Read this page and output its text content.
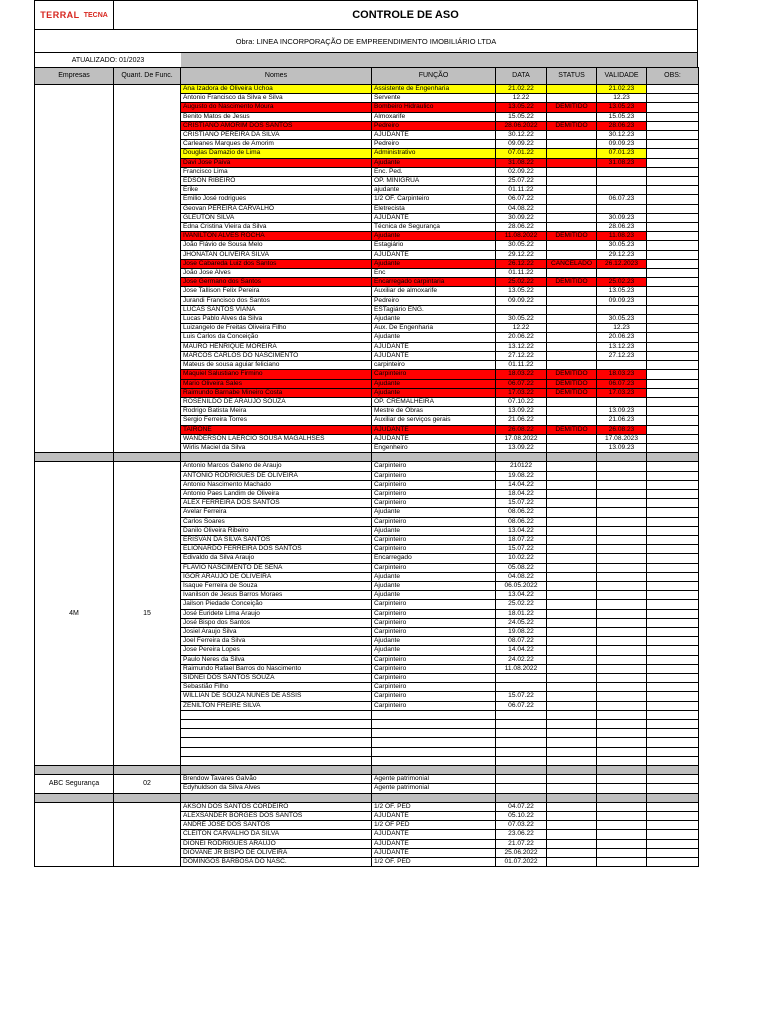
TERRAL TECNA	CONTROLE DE ASO
Obra: LINEA INCORPORAÇÃO DE EMPREENDIMENTO IMOBILIÁRIO LTDA
ATUALIZADO: 01/2023
Empresas	Quant. De Func.	Nomes	FUNÇÃO	DATA	STATUS	VALIDADE	OBS:
		Ana Izadora de Oliveira Uchoa	Assistente de Engenharia	21.02.22		21.02.23	
		Antonio Francisco da Silva e Silva	Servente	12.22		12.23	
		Augusto do Nascimento Moura	Bombeiro Hidraulico	13.05.22	DEMITIDO	13.05.23	
		Benito Matos de Jesus	Almoxarife	15.05.22		15.05.23	
		CRISTIANO AMORIM DOS SANTOS	Pedreiro	28.06.2022	DEMITIDO	28.06.23	
		CRISTIANO PEREIRA DA SILVA	AJUDANTE	30.12.22		30.12.23	
		Carleanes Marques de Amorim	Pedreiro	09.09.22		09.09.23	
		Douglas Damazio de Lima	Administrativo	07.01.22		07.01.23	
		Davi Jose Paiva	Ajudante	31.08.22		31.08.23	
		Francisco Lima	Enc. Ped.	02.09.22			
		EDSON RIBEIRO	OP. MINIGRUA	25.07.22			
		Erike	ajudante	01.11.22			
		Emilio José rodrigues	1/2 OF. Carpinteiro	06.07.22		06.07.23	
		Geovan PEREIRA CARVALHO	Eletrecista	04.08.22			
		GLEUTON SILVA	AJUDANTE	30.09.22		30.09.23	
		Edna Cristina Vieira da Silva	Técnica de Segurança	28.06.22		28.06.23	
		IVANILTON ALVES ROCHA	Ajudante	11.08.2022	DEMITIDO	11.08.23	
		João Flávio de Sousa Melo	Estagiário	30.05.22		30.05.23	
		JHONATAN OLIVEIRA SILVA	AJUDANTE	29.12.22		29.12.23	
		Jose Cabareda Luiz dos Santos	Ajudante	26.12.22	CANCELADO	26.12.2023	
		João Jose Alves	Enc	01.11.22			
		Jose Germano dos Santos	Encarregado carpintaria	25.02.22	DEMITIDO	25.02.23	
		Jose Tallison Felix Pereira	Auxiliar de almoxarife	13.05.22		13.05.23	
		Jurandi Francisco dos Santos	Pedreiro	09.09.22		09.09.23	
		LUCAS SANTOS VIANA	ESTagiário ENG.				
		Lucas Pablo Alves da Silva	Ajudante	30.05.22		30.05.23	
		Luizangelo de Freitas Oliveira Filho	Aux. De Engenharia	12.22		12.23	
		Luis Carlos da Conceição	Ajudante	20.06.22		20.06.23	
		MAURO HENRIQUE MOREIRA	AJUDANTE	13.12.22		13.12.23	
		MARCOS CARLOS DO NASCIMENTO	AJUDANTE	27.12.22		27.12.23	
		Mateus de sousa aguiar feliciano	carpinteiro	01.11.22			
		Maquiel Salustiano Firmino	Carpinteiro	18.03.22	DEMITIDO	18.03.23	
		Mario Oliveira Sales	Ajudante	06.07.22	DEMITIDO	06.07.23	
		Raimundo Barnabe Mineiro Costa	Ajudante	17.03.22	DEMITIDO	17.03.23	
		ROSENILDO DE ARAUJO SOUZA	OP. CREMALHEIRA	07.10.22			
		Rodrigo Batista Meira	Mestre de Obras	13.09.22		13.09.23	
		Sergio Ferreira Torres	Auxiliar de serviços gerais	21.06.22		21.06.23	
		TAIRONE	AJUDANTE	26.08.22	DEMITIDO	26.08.23	
		WANDERSON LAERCIO SOUSA MAGALHSES	AJUDANTE	17.08.2022		17.08.2023	
		Wirlis Maciel da Silva	Engenheiro	13.09.22		13.09.23	

4M	15	Antonio Marcos Galeno de Araujo	Carpinteiro	210122			
		ANTONIO RODRIGUES DE OLIVEIRA	Carpinteiro	19.08.22			
		Antonio Nascimento Machado	Carpinteiro	14.04.22			
		Antonio Paes Landim de Oliveira	Carpinteiro	18.04.22			
		ALEX FERREIRA DOS SANTOS	Carpinteiro	15.07.22			
		Avelar Ferreira	Ajudante	08.06.22			
		Carlos Soares	Carpinteiro	08.06.22			
		Danilo Oliveira Ribeiro	Ajudante	13.04.22			
		ERISVAN DA SILVA SANTOS	Carpinteiro	18.07.22			
		ELIONARDO FERREIRA DOS SANTOS	Carpinteiro	15.07.22			
		Edivaldo da Silva Araujo	Encarregado	10.02.22			
		FLAVIO NASCIMENTO DE SENA	Carpinteiro	05.08.22			
		IGOR ARAUJO DE OLIVEIRA	Ajudante	04.08.22			
		Isaque Ferreira de Souza	Ajudante	06.05.2022			
		Ivanilson de Jesus Barros Moraes	Ajudante	13.04.22			
		Jailson Piedade Conceição	Carpinteiro	25.02.22			
		José Euridete Lima Araujo	Carpinteiro	18.01.22			
		José Bispo dos Santos	Carpinteiro	24.05.22			
		Josiel Araujo Silva	Carpinteiro	19.08.22			
		Joel Ferreira da Silva	Ajudante	08.07.22			
		Jose Pereira Lopes	Ajudante	14.04.22			
		Paulo Neres da Silva	Carpinteiro	24.02.22			
		Raimundo Rafael Barros do Nascimento	Carpinteiro	11.08.2022			
		SIDNEI DOS SANTOS SOUZA	Carpinteiro				
		Sebastião Filho	Carpinteiro				
		WILLIAN DE SOUZA NUNES DE ASSIS	Carpinteiro	15.07.22			
		ZENILTON FREIRE SILVA	Carpinteiro	06.07.22			

ABC Segurança	02	Brendow Tavares Galvão	Agente patrimonial				
		Edyhuldson da Silva Alves	Agente patrimonial				

		AKSON DOS SANTOS CORDEIRO	1/2 OF. PED	04.07.22			
		ALEXSANDER BORGES DOS SANTOS	AJUDANTE	05.10.22			
		ANDRÉ JOSÉ DOS SANTOS	1/2 OF PED	07.03.22			
		CLEITON CARVALHO DA SILVA	AJUDANTE	23.06.22			
		DIONEI RODRIGUES ARAUJO	AJUDANTE	21.07.22			
		DIOVANE JR BISPO DE OLIVEIRA	AJUDANTE	25.06.2022			
		DOMINGOS BARBOSA DO NASC.	1/2 OF. PED	01.07.2022			
